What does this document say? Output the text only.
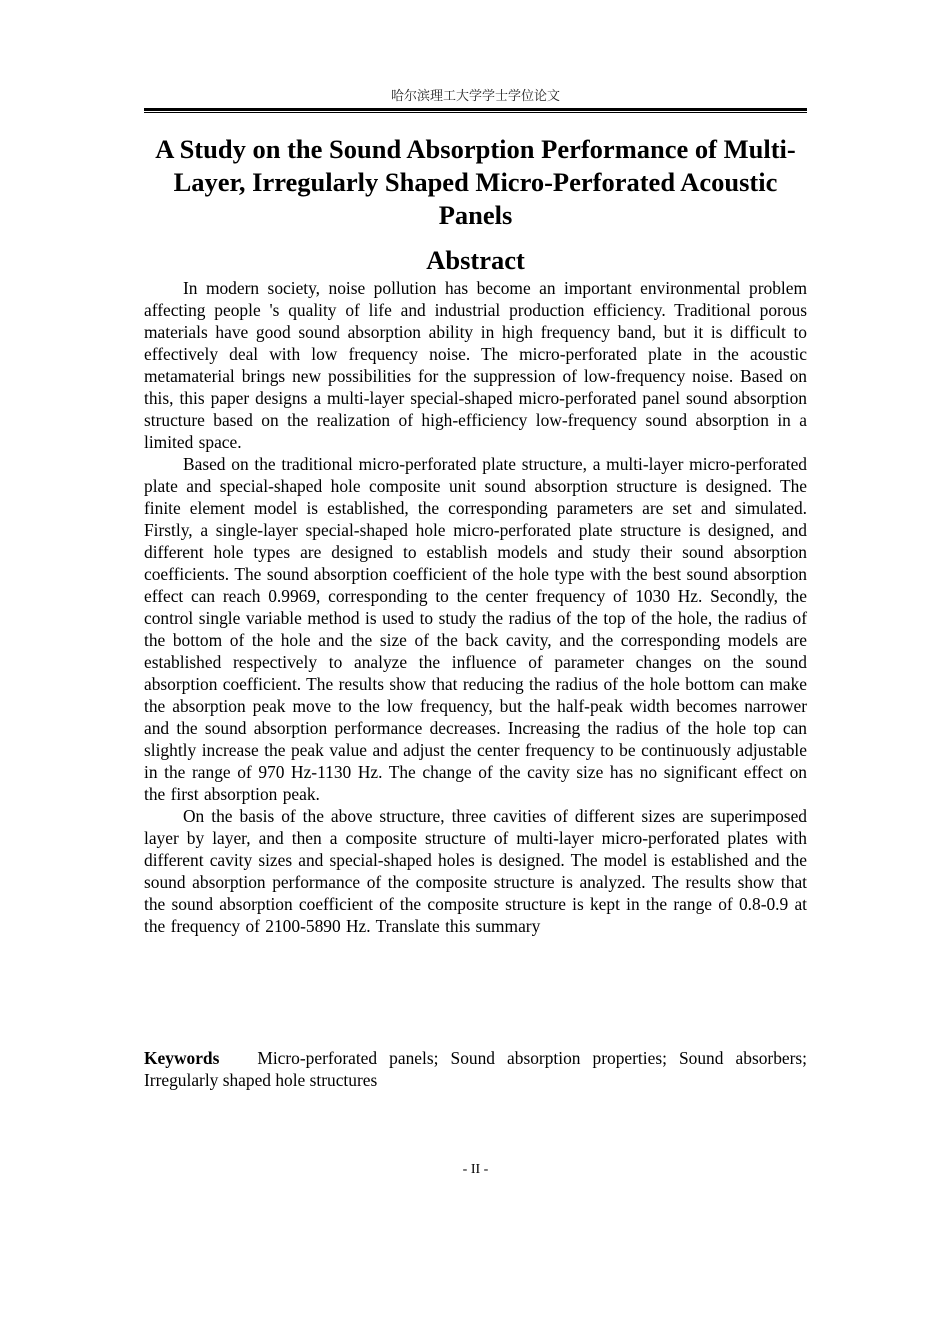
哈尔滨理工大学学士学位论文
A Study on the Sound Absorption Performance of Multi-Layer, Irregularly Shaped Micro-Perforated Acoustic Panels
Abstract

In modern society, noise pollution has become an important environmental problem affecting people 's quality of life and industrial production efficiency. Traditional porous materials have good sound absorption ability in high frequency band, but it is difficult to effectively deal with low frequency noise. The micro-perforated plate in the acoustic metamaterial brings new possibilities for the suppression of low-frequency noise. Based on this, this paper designs a multi-layer special-shaped micro-perforated panel sound absorption structure based on the realization of high-efficiency low-frequency sound absorption in a limited space.

Based on the traditional micro-perforated plate structure, a multi-layer micro-perforated plate and special-shaped hole composite unit sound absorption structure is designed. The finite element model is established, the corresponding parameters are set and simulated. Firstly, a single-layer special-shaped hole micro-perforated plate structure is designed, and different hole types are designed to establish models and study their sound absorption coefficients. The sound absorption coefficient of the hole type with the best sound absorption effect can reach 0.9969, corresponding to the center frequency of 1030 Hz. Secondly, the control single variable method is used to study the radius of the top of the hole, the radius of the bottom of the hole and the size of the back cavity, and the corresponding models are established respectively to analyze the influence of parameter changes on the sound absorption coefficient. The results show that reducing the radius of the hole bottom can make the absorption peak move to the low frequency, but the half-peak width becomes narrower and the sound absorption performance decreases. Increasing the radius of the hole top can slightly increase the peak value and adjust the center frequency to be continuously adjustable in the range of 970 Hz-1130 Hz. The change of the cavity size has no significant effect on the first absorption peak.

On the basis of the above structure, three cavities of different sizes are superimposed layer by layer, and then a composite structure of multi-layer micro-perforated plates with different cavity sizes and special-shaped holes is designed. The model is established and the sound absorption performance of the composite structure is analyzed. The results show that the sound absorption coefficient of the composite structure is kept in the range of 0.8-0.9 at the frequency of 2100-5890 Hz. Translate this summary

Keywords Micro-perforated panels; Sound absorption properties; Sound absorbers; Irregularly shaped hole structures

- II -
